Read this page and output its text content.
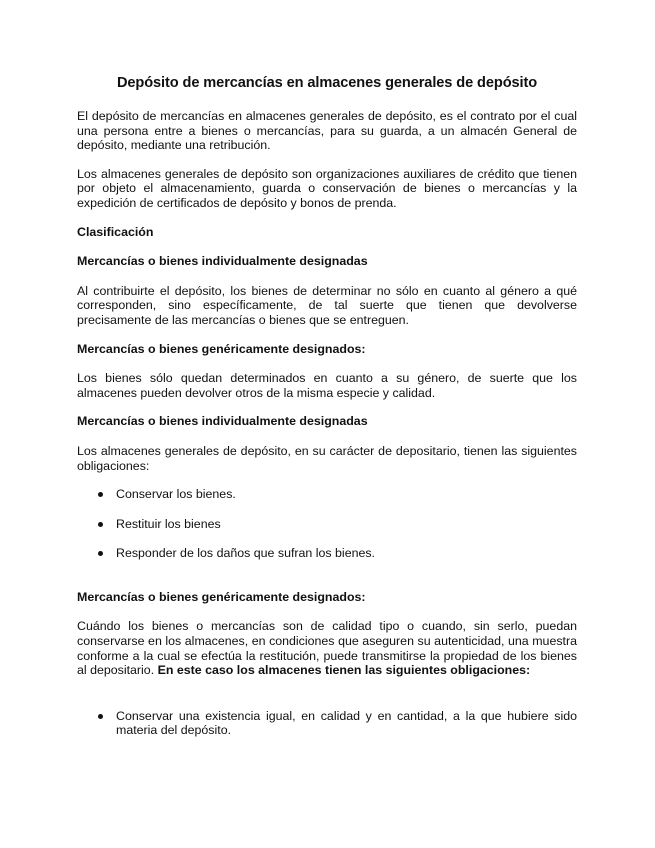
Depósito de mercancías en almacenes generales de depósito

El depósito de mercancías en almacenes generales de depósito, es el contrato por el cual una persona entre a bienes o mercancías, para su guarda, a un almacén General de depósito, mediante una retribución.

Los almacenes generales de depósito son organizaciones auxiliares de crédito que tienen por objeto el almacenamiento, guarda o conservación de bienes o mercancías y la expedición de certificados de depósito y bonos de prenda.

Clasificación

Mercancías o bienes individualmente designadas

Al contribuirte el depósito, los bienes de determinar no sólo en cuanto al género a qué corresponden, sino específicamente, de tal suerte que tienen que devolverse precisamente de las mercancías o bienes que se entreguen.

Mercancías o bienes genéricamente designados:

Los bienes sólo quedan determinados en cuanto a su género, de suerte que los almacenes pueden devolver otros de la misma especie y calidad.

Mercancías o bienes individualmente designadas

Los almacenes generales de depósito, en su carácter de depositario, tienen las siguientes obligaciones:

Conservar los bienes.
Restituir los bienes
Responder de los daños que sufran los bienes.

Mercancías o bienes genéricamente designados:

Cuándo los bienes o mercancías son de calidad tipo o cuando, sin serlo, puedan conservarse en los almacenes, en condiciones que aseguren su autenticidad, una muestra conforme a la cual se efectúa la restitución, puede transmitirse la propiedad de los bienes al depositario. En este caso los almacenes tienen las siguientes obligaciones:

Conservar una existencia igual, en calidad y en cantidad, a la que hubiere sido materia del depósito.
